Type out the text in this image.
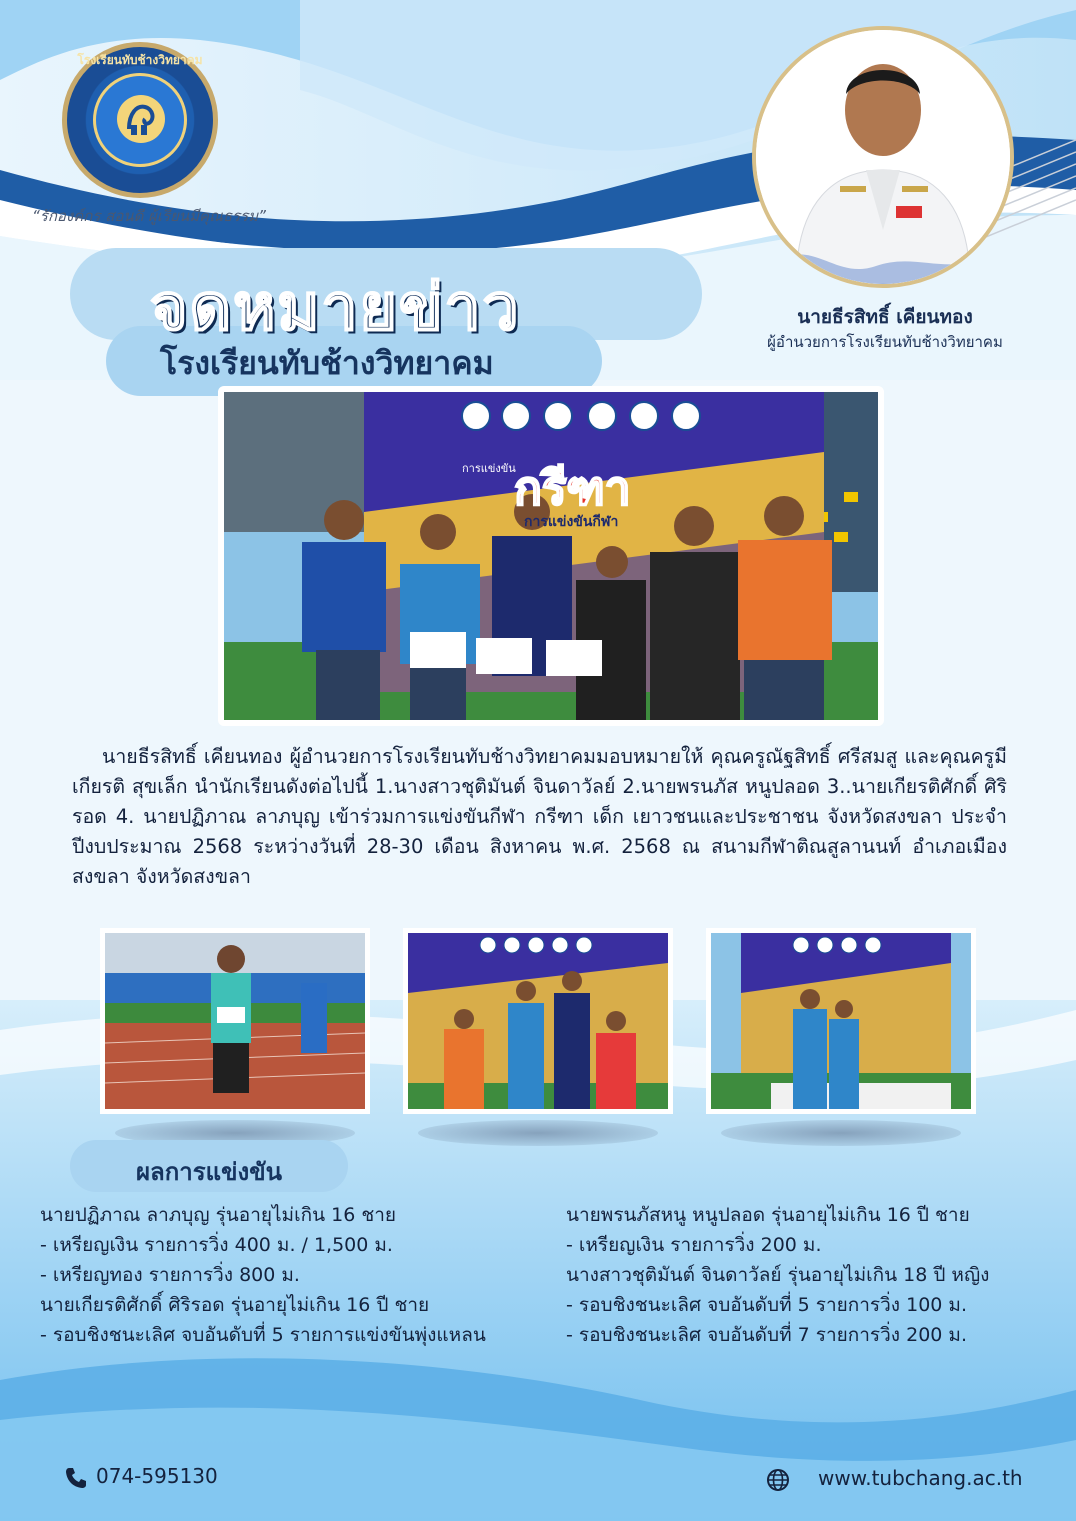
โรงเรียนทับช้างวิทยาคม
“รักองค์กร สอนดี ผู้เรียนมีคุณธรรม”
นายธีรสิทธิ์ เคียนทอง
ผู้อำนวยการโรงเรียนทับช้างวิทยาคม
จดหมายข่าว
โรงเรียนทับช้างวิทยาคม
การแข่งขัน
กรีฑา
การแข่งขันกีฬา

นายธีรสิทธิ์ เคียนทอง ผู้อำนวยการโรงเรียนทับช้างวิทยาคมมอบหมายให้ คุณครูณัฐสิทธิ์ ศรีสมสู และคุณครูมีเกียรติ สุขเล็ก นำนักเรียนดังต่อไปนี้ 1.นางสาวชุติมันต์ จินดาวัลย์ 2.นายพรนภัส หนูปลอด 3..นายเกียรติศักดิ์ ศิริรอด 4. นายปฏิภาณ ลาภบุญ เข้าร่วมการแข่งขันกีฬา กรีฑา เด็ก เยาวชนและประชาชน จังหวัดสงขลา ประจำปีงบประมาณ 2568 ระหว่างวันที่ 28-30 เดือน สิงหาคน พ.ศ. 2568 ณ สนามกีฬาติณสูลานนท์ อำเภอเมืองสงขลา จังหวัดสงขลา

ผลการแข่งขัน
นายปฏิภาณ ลาภบุญ รุ่นอายุไม่เกิน 16 ชาย
- เหรียญเงิน รายการวิ่ง 400 ม. / 1,500 ม.
- เหรียญทอง รายการวิ่ง 800 ม.
นายเกียรติศักดิ์ ศิริรอด รุ่นอายุไม่เกิน 16 ปี ชาย
- รอบชิงชนะเลิศ จบอันดับที่ 5 รายการแข่งขันพุ่งแหลน
นายพรนภัสหนู หนูปลอด รุ่นอายุไม่เกิน 16 ปี ชาย
- เหรียญเงิน รายการวิ่ง 200 ม.
นางสาวชุติมันต์ จินดาวัลย์ รุ่นอายุไม่เกิน 18 ปี หญิง
- รอบชิงชนะเลิศ จบอันดับที่ 5 รายการวิ่ง 100 ม.
- รอบชิงชนะเลิศ จบอันดับที่ 7 รายการวิ่ง 200 ม.
074-595130	www.tubchang.ac.th
